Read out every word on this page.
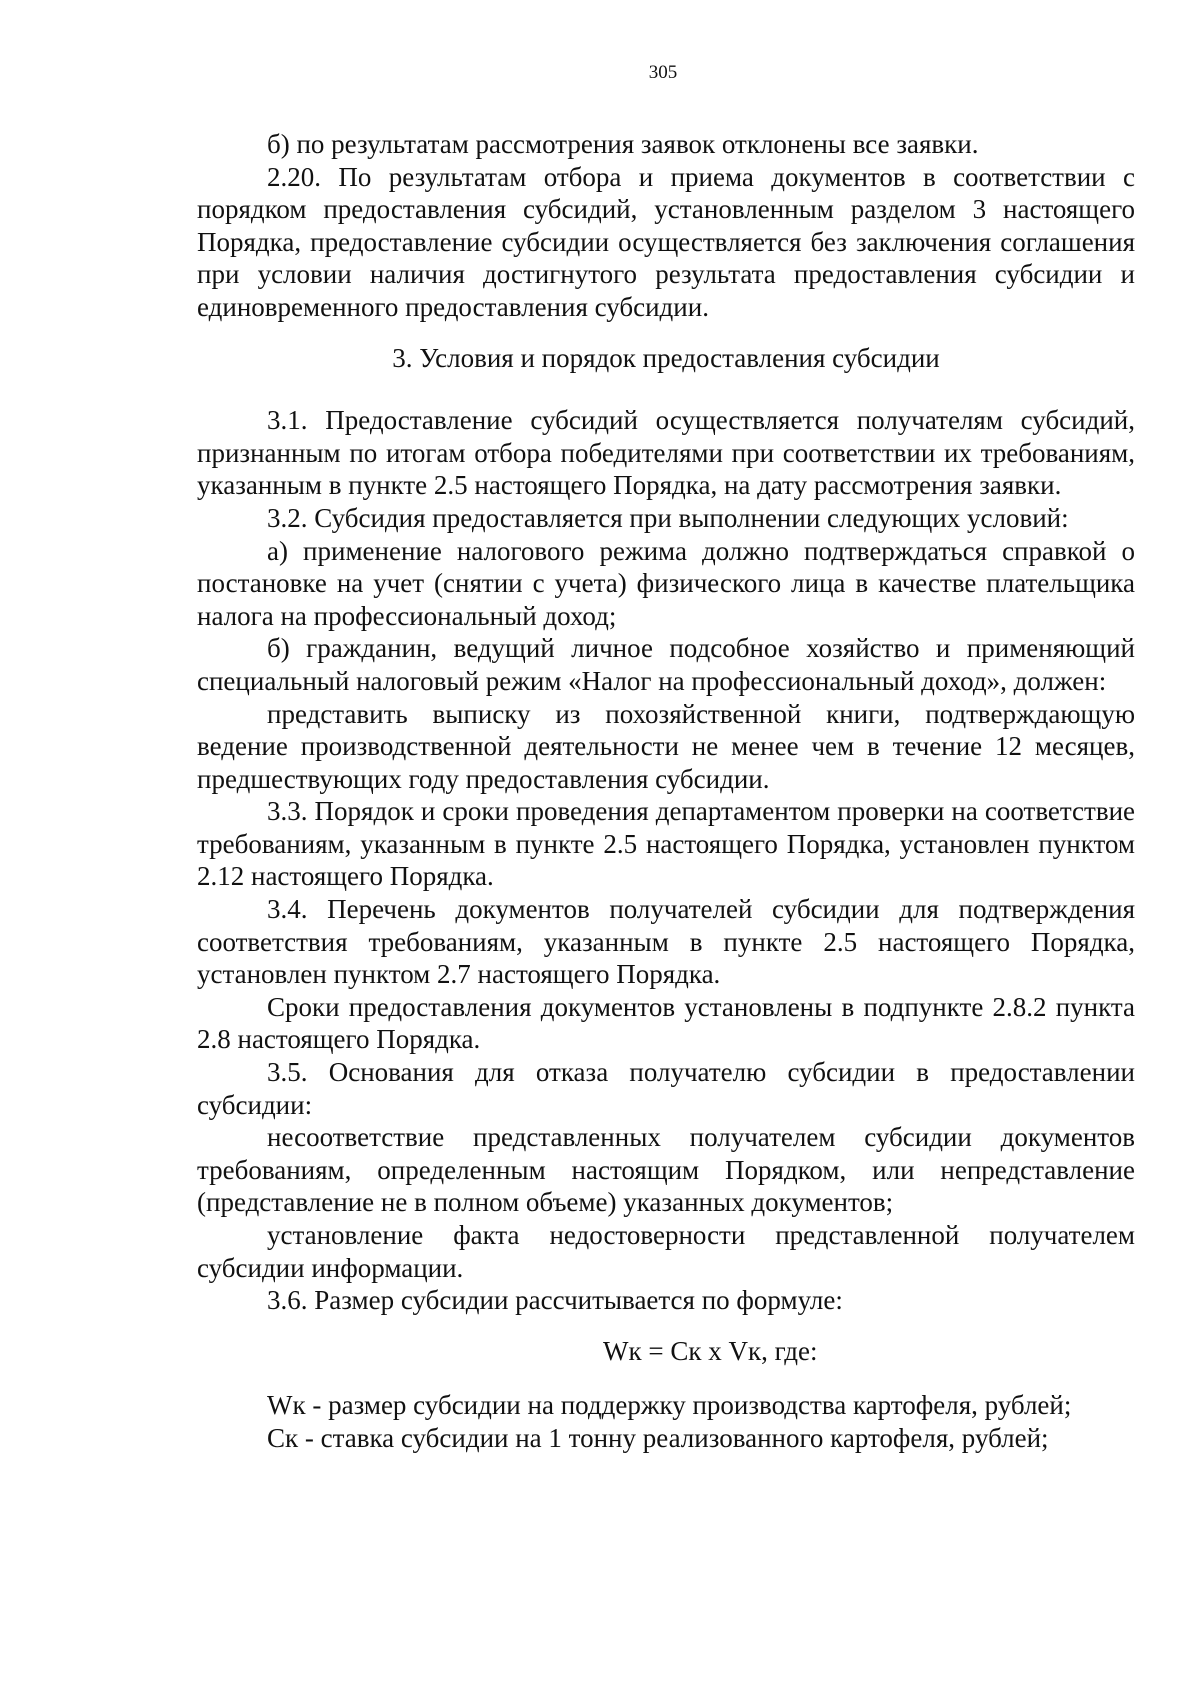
305

б) по результатам рассмотрения заявок отклонены все заявки.

2.20. По результатам отбора и приема документов в соответствии с порядком предоставления субсидий, установленным разделом 3 настоящего Порядка, предоставление субсидии осуществляется без заключения соглашения при условии наличия достигнутого результата предоставления субсидии и единовременного предоставления субсидии.

3. Условия и порядок предоставления субсидии

3.1. Предоставление субсидий осуществляется получателям субсидий, признанным по итогам отбора победителями при соответствии их требованиям, указанным в пункте 2.5 настоящего Порядка, на дату рассмотрения заявки.

3.2. Субсидия предоставляется при выполнении следующих условий:

а) применение налогового режима должно подтверждаться справкой о постановке на учет (снятии с учета) физического лица в качестве плательщика налога на профессиональный доход;

б) гражданин, ведущий личное подсобное хозяйство и применяющий специальный налоговый режим «Налог на профессиональный доход», должен:

представить выписку из похозяйственной книги, подтверждающую ведение производственной деятельности не менее чем в течение 12 месяцев, предшествующих году предоставления субсидии.

3.3. Порядок и сроки проведения департаментом проверки на соответствие требованиям, указанным в пункте 2.5 настоящего Порядка, установлен пунктом 2.12 настоящего Порядка.

3.4. Перечень документов получателей субсидии для подтверждения соответствия требованиям, указанным в пункте 2.5 настоящего Порядка, установлен пунктом 2.7 настоящего Порядка.

Сроки предоставления документов установлены в подпункте 2.8.2 пункта 2.8 настоящего Порядка.

3.5. Основания для отказа получателю субсидии в предоставлении субсидии:

несоответствие представленных получателем субсидии документов требованиям, определенным настоящим Порядком, или непредставление (представление не в полном объеме) указанных документов;

установление факта недостоверности представленной получателем субсидии информации.

3.6. Размер субсидии рассчитывается по формуле:

Wк = Ск х Vк, где:

Wк - размер субсидии на поддержку производства картофеля, рублей;

Ск - ставка субсидии на 1 тонну реализованного картофеля, рублей;
